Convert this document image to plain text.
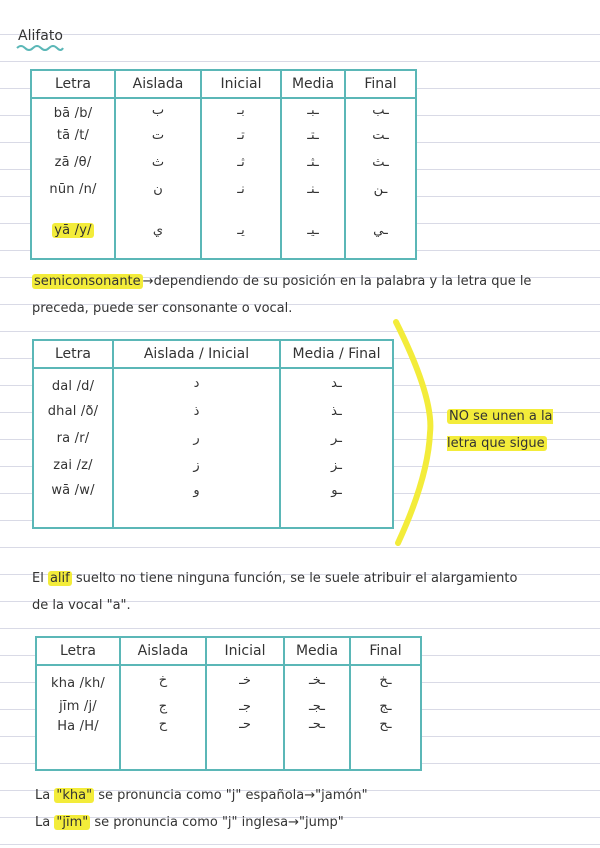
Alifato
Letra	Aislada	Inicial	Media	Final
bā /b/	ب	بـ	ـبـ	ـب
tā /t/	ت	تـ	ـتـ	ـت
zā /θ/	ث	ثـ	ـثـ	ـث
nūn /n/	ن	نـ	ـنـ	ـن
yā /y/	ي	يـ	ـيـ	ـي
semiconsonante →dependiendo de su posición en la palabra y la letra que le
preceda, puede ser consonante o vocal.
Letra	Aislada / Inicial	Media / Final
dal /d/	د	ـد
dhal /ð/	ذ	ـذ
ra /r/	ر	ـر
zai /z/	ز	ـز
wā /w/	و	ـو
NO se unen a la letra que sigue
El alif suelto no tiene ninguna función, se le suele atribuir el alargamiento
de la vocal "a".
Letra	Aislada	Inicial	Media	Final
kha /kh/	خ	خـ	ـخـ	ـخ
jīm /j/	ج	جـ	ـجـ	ـج
Ha /H/	ح	حـ	ـحـ	ـح
La "kha" se pronuncia como "j" española→"jamón"
La "jīm" se pronuncia como "j" inglesa→"jump"
